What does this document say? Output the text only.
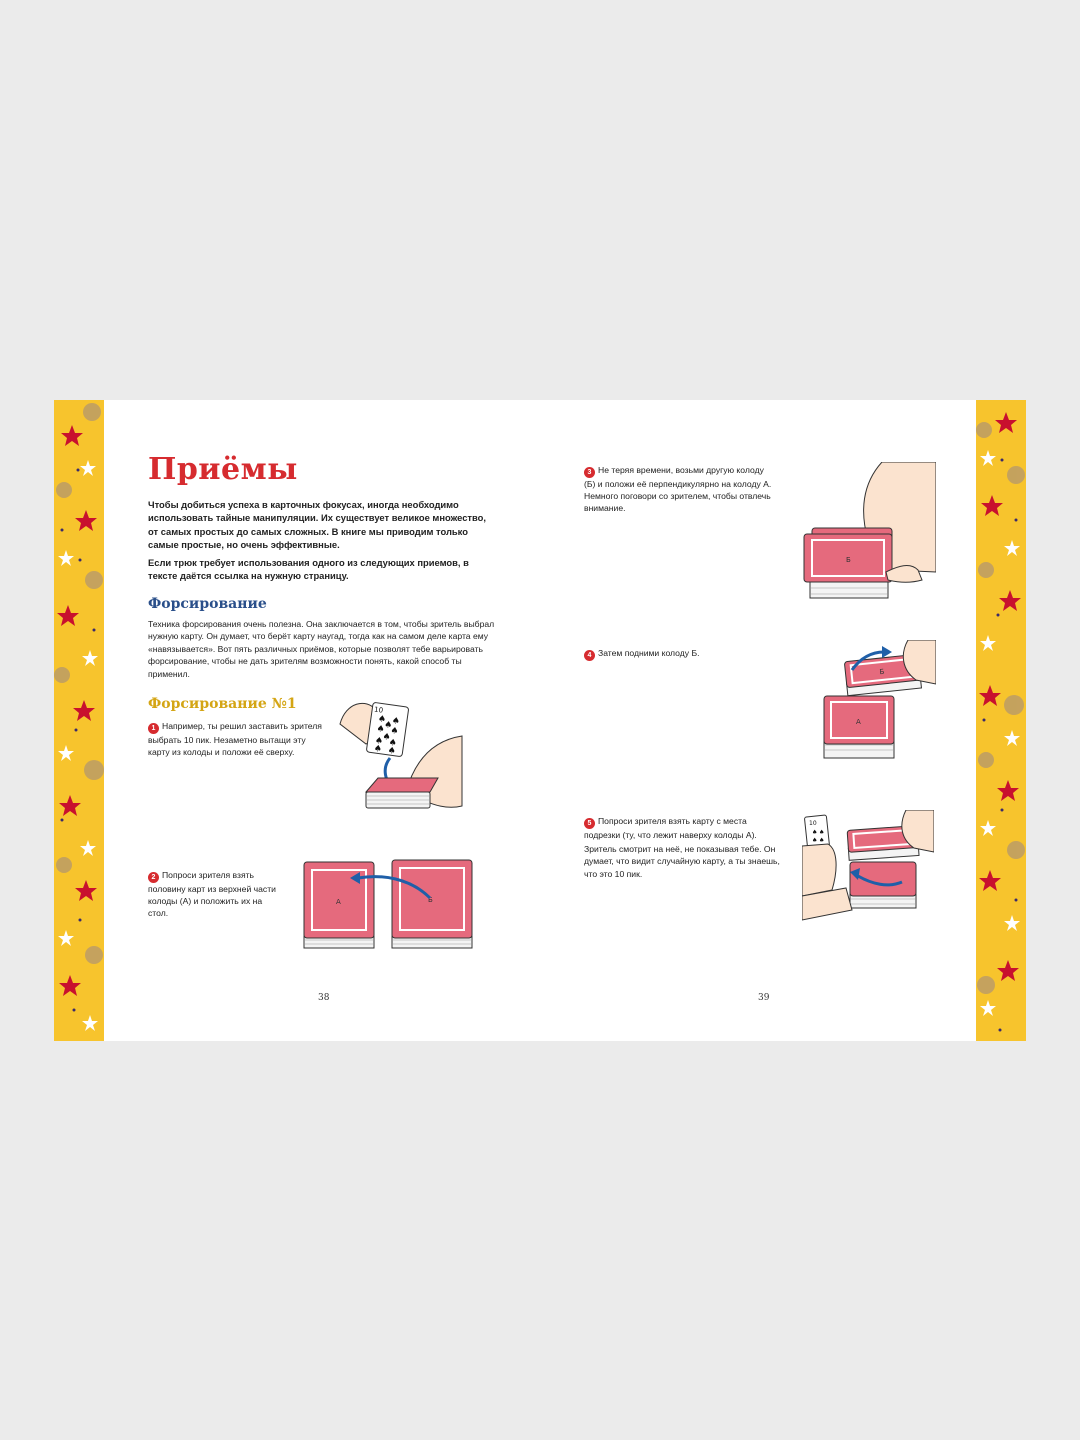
Приёмы

Чтобы добиться успеха в карточных фокусах, иногда необходимо использовать тайные манипуляции. Их существует великое множество, от самых простых до самых сложных. В книге мы приводим только самые простые, но очень эффективные.

Если трюк требует использования одного из следующих приемов, в тексте даётся ссылка на нужную страницу.

Форсирование

Техника форсирования очень полезна. Она заключается в том, чтобы зритель выбрал нужную карту. Он думает, что берёт карту наугад, тогда как на самом деле карта ему «навязывается». Вот пять различных приёмов, которые позволят тебе варьировать форсирование, чтобы не дать зрителям возможности понять, какой способ ты применил.

Форсирование №1
1 Например, ты решил заставить зрителя выбрать 10 пик. Незаметно вытащи эту карту из колоды и положи её сверху.
10
♠ ♠
♠ ♠
♠
♠
♠ ♠
♠ ♠
2 Попроси зрителя взять половину карт из верхней части колоды (А) и положить их на стол.
А	Б
38
3 Не теряя времени, возьми другую колоду (Б) и положи её перпендикулярно на колоду А. Немного поговори со зрителем, чтобы отвлечь внимание.
Б
4 Затем подними колоду Б.
А
Б
5 Попроси зрителя взять карту с места подрезки (ту, что лежит наверху колоды А).
Зритель смотрит на неё, не показывая тебе. Он думает, что видит случайную карту, а ты знаешь, что это 10 пик.
10
♠ ♠
♠ ♠
39
